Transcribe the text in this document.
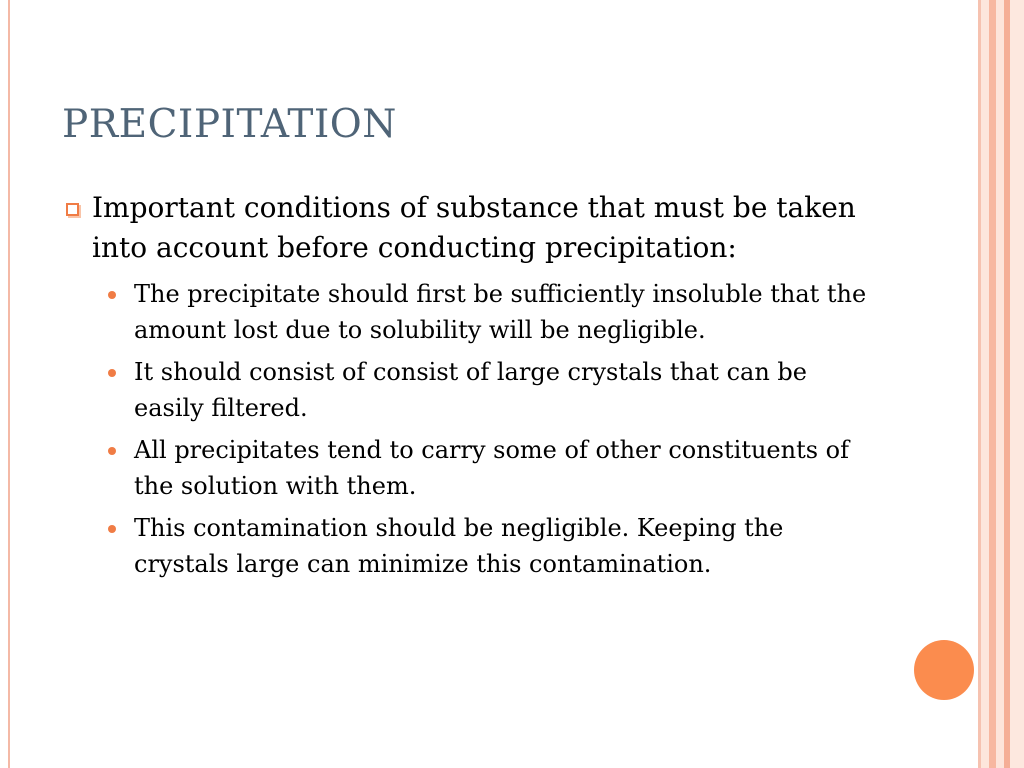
PRECIPITATION
Important conditions of substance that must be taken into account before conducting precipitation:
The precipitate should first be sufficiently insoluble that the amount lost due to solubility will be negligible.
It should consist of consist of large crystals that can be easily filtered.
All precipitates tend to carry some of other constituents of the solution with them.
This contamination should be negligible. Keeping the crystals large can minimize this contamination.
